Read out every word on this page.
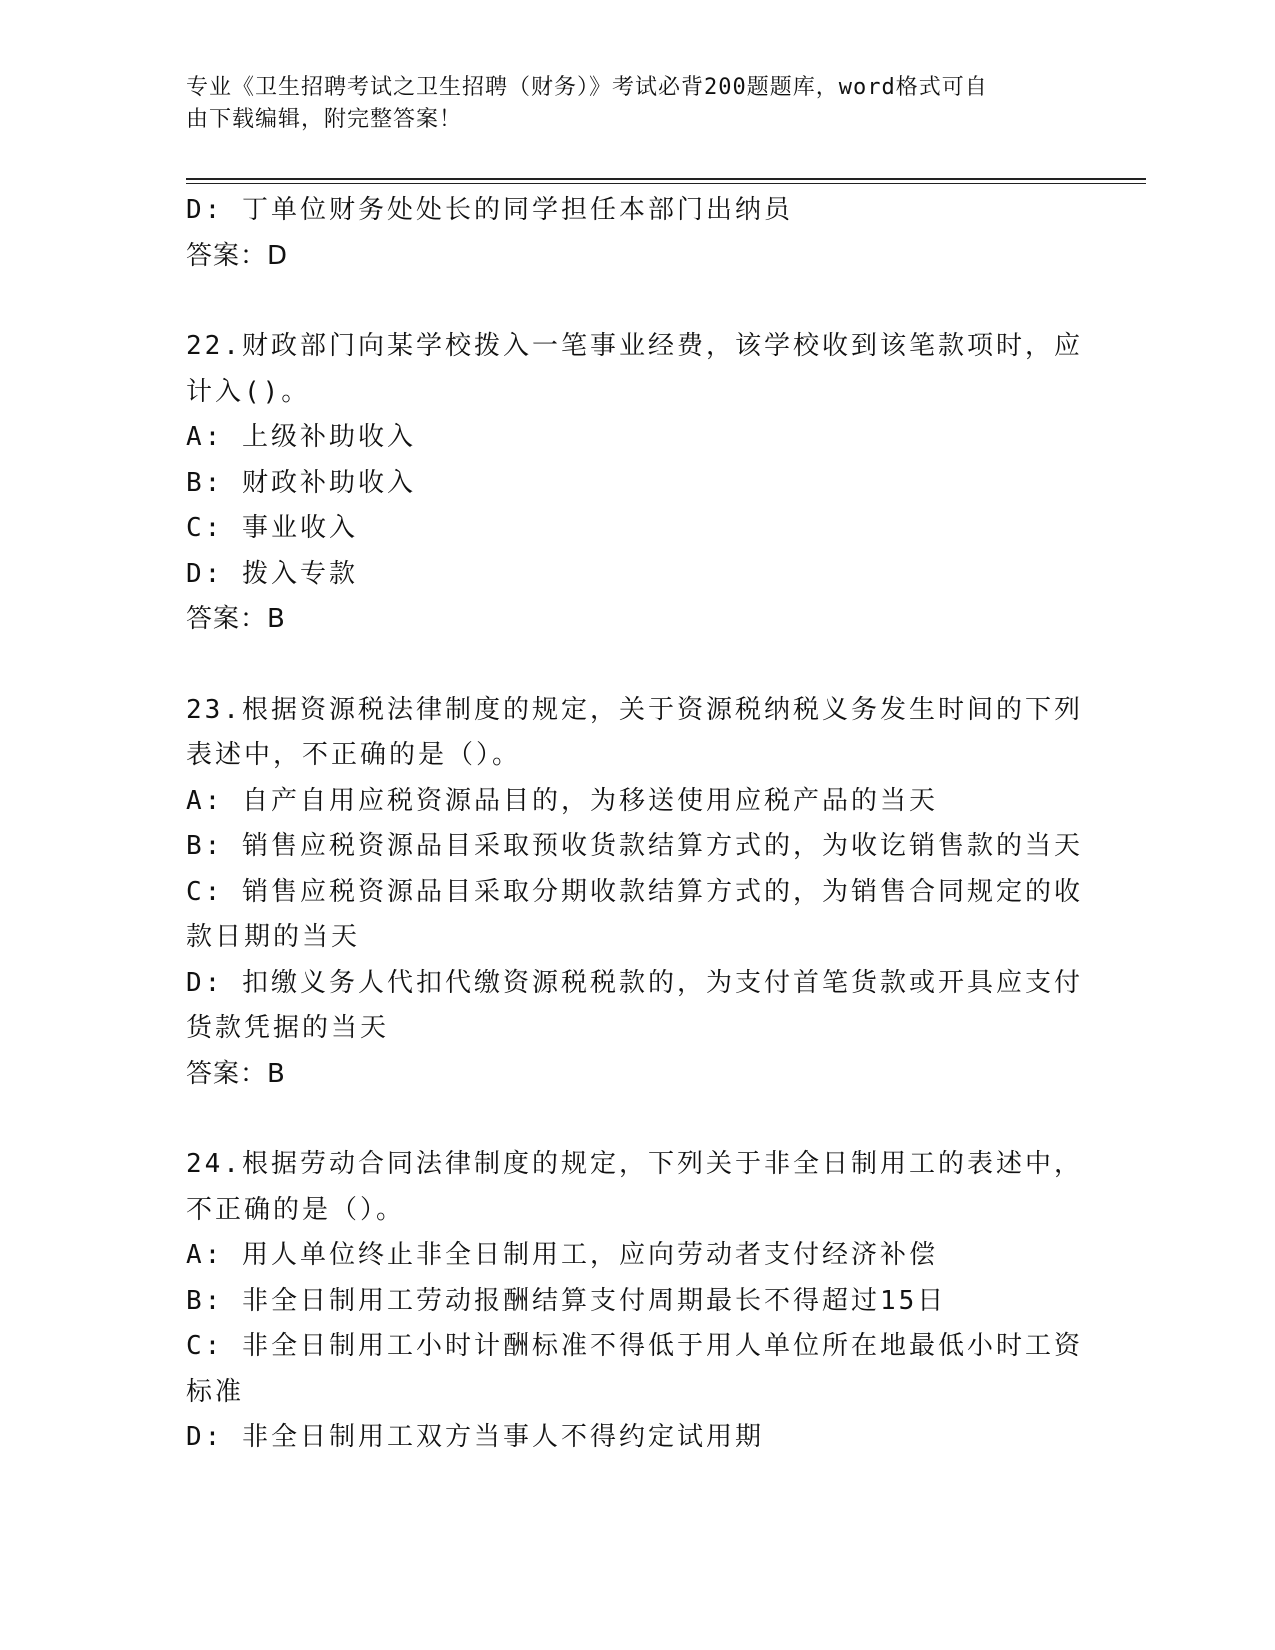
专业《卫生招聘考试之卫生招聘（财务）》考试必背200题题库，word格式可自
由下载编辑，附完整答案！
D: 丁单位财务处处长的同学担任本部门出纳员
答案：D
22.财政部门向某学校拨入一笔事业经费，该学校收到该笔款项时，应
计入()。
A: 上级补助收入
B: 财政补助收入
C: 事业收入
D: 拨入专款
答案：B
23.根据资源税法律制度的规定，关于资源税纳税义务发生时间的下列
表述中，不正确的是（）。
A: 自产自用应税资源品目的，为移送使用应税产品的当天
B: 销售应税资源品目采取预收货款结算方式的，为收讫销售款的当天
C: 销售应税资源品目采取分期收款结算方式的，为销售合同规定的收
款日期的当天
D: 扣缴义务人代扣代缴资源税税款的，为支付首笔货款或开具应支付
货款凭据的当天
答案：B
24.根据劳动合同法律制度的规定，下列关于非全日制用工的表述中，
不正确的是（）。
A: 用人单位终止非全日制用工，应向劳动者支付经济补偿
B: 非全日制用工劳动报酬结算支付周期最长不得超过15日
C: 非全日制用工小时计酬标准不得低于用人单位所在地最低小时工资
标准
D: 非全日制用工双方当事人不得约定试用期
